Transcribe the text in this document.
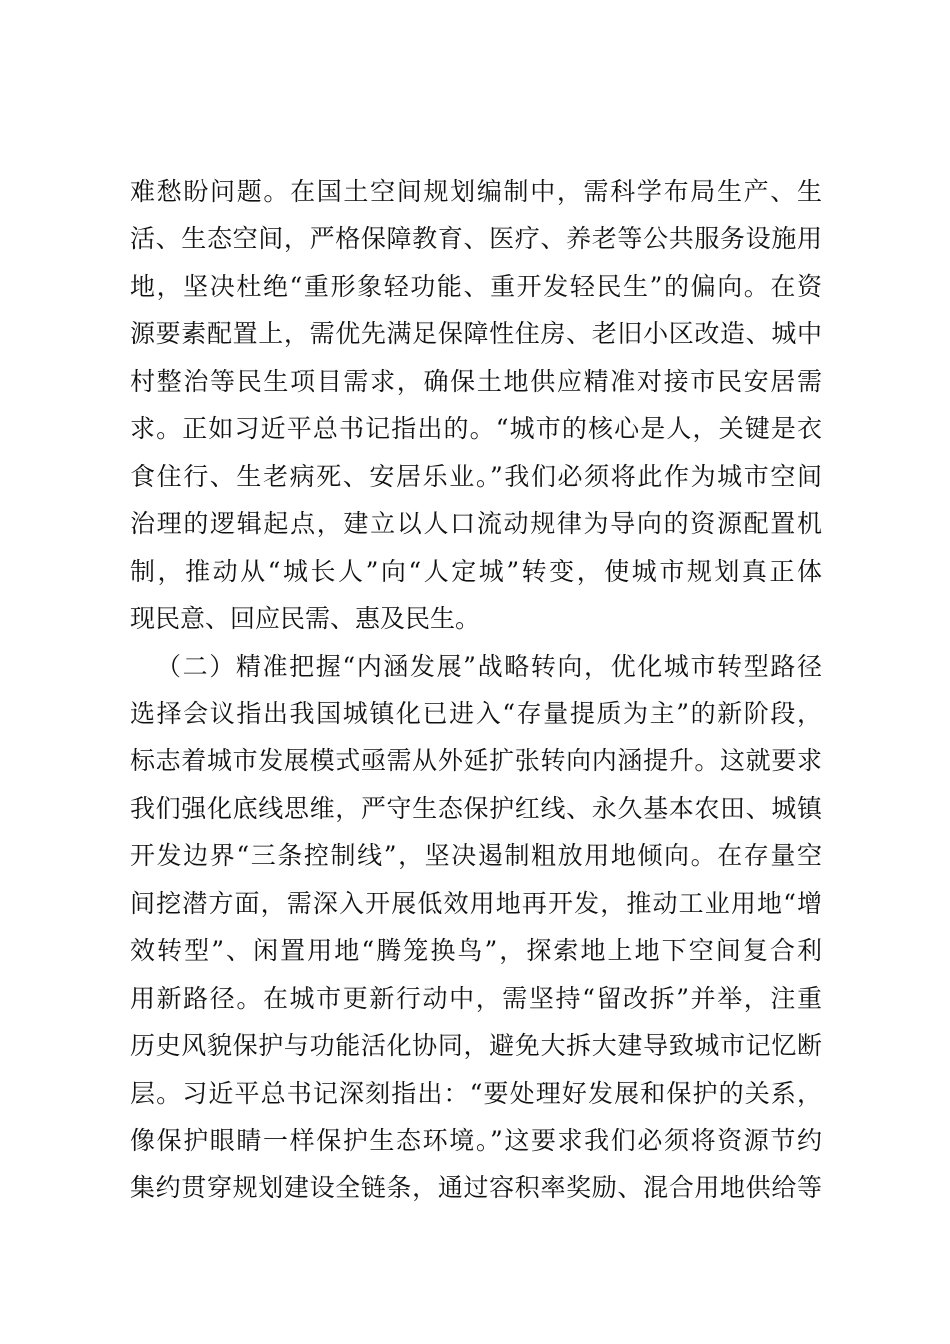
难愁盼问题。在国土空间规划编制中，需科学布局生产、生
活、生态空间，严格保障教育、医疗、养老等公共服务设施用
地，坚决杜绝“重形象轻功能、重开发轻民生”的偏向。在资
源要素配置上，需优先满足保障性住房、老旧小区改造、城中
村整治等民生项目需求，确保土地供应精准对接市民安居需
求。正如习近平总书记指出的。“城市的核心是人，关键是衣
食住行、生老病死、安居乐业。”我们必须将此作为城市空间
治理的逻辑起点，建立以人口流动规律为导向的资源配置机
制，推动从“城长人”向“人定城”转变，使城市规划真正体
现民意、回应民需、惠及民生。
（二）精准把握“内涵发展”战略转向，优化城市转型路径
选择会议指出我国城镇化已进入“存量提质为主”的新阶段，
标志着城市发展模式亟需从外延扩张转向内涵提升。这就要求
我们强化底线思维，严守生态保护红线、永久基本农田、城镇
开发边界“三条控制线”，坚决遏制粗放用地倾向。在存量空
间挖潜方面，需深入开展低效用地再开发，推动工业用地“增
效转型”、闲置用地“腾笼换鸟”，探索地上地下空间复合利
用新路径。在城市更新行动中，需坚持“留改拆”并举，注重
历史风貌保护与功能活化协同，避免大拆大建导致城市记忆断
层。习近平总书记深刻指出：“要处理好发展和保护的关系，
像保护眼睛一样保护生态环境。”这要求我们必须将资源节约
集约贯穿规划建设全链条，通过容积率奖励、混合用地供给等
